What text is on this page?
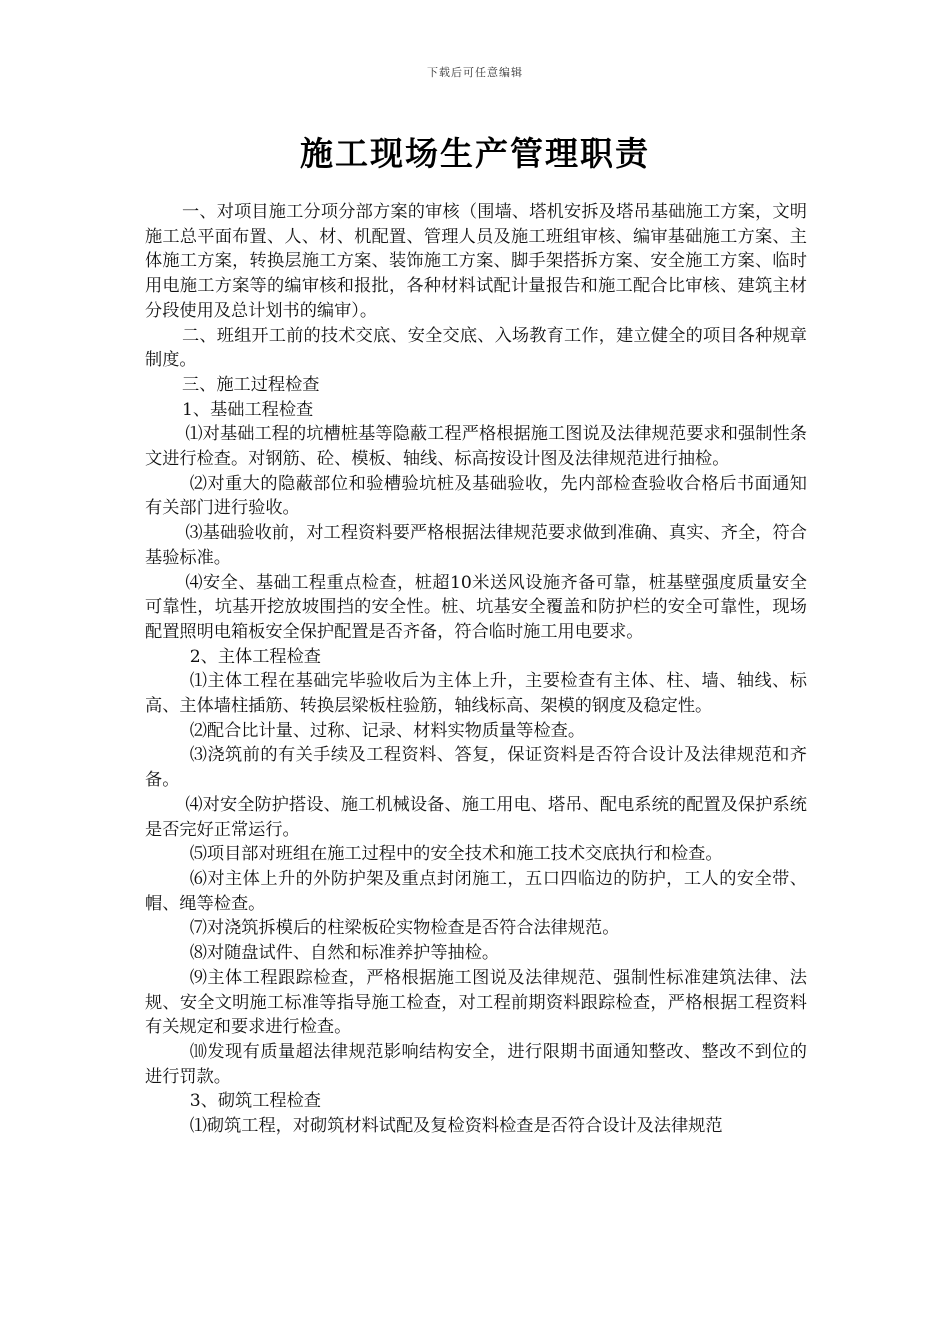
下载后可任意编辑
施工现场生产管理职责

一、对项目施工分项分部方案的审核（围墙、塔机安拆及塔吊基础施工方案，文明施工总平面布置、人、材、机配置、管理人员及施工班组审核、编审基础施工方案、主体施工方案，转换层施工方案、装饰施工方案、脚手架搭拆方案、安全施工方案、临时用电施工方案等的编审核和报批，各种材料试配计量报告和施工配合比审核、建筑主材分段使用及总计划书的编审）。

二、班组开工前的技术交底、安全交底、入场教育工作，建立健全的项目各种规章制度。

三、施工过程检查

1、基础工程检查

⑴对基础工程的坑槽桩基等隐蔽工程严格根据施工图说及法律规范要求和强制性条文进行检查。对钢筋、砼、模板、轴线、标高按设计图及法律规范进行抽检。

⑵对重大的隐蔽部位和验槽验坑桩及基础验收，先内部检查验收合格后书面通知有关部门进行验收。

⑶基础验收前，对工程资料要严格根据法律规范要求做到准确、真实、齐全，符合基验标准。

⑷安全、基础工程重点检查，桩超10米送风设施齐备可靠，桩基壁强度质量安全可靠性，坑基开挖放坡围挡的安全性。桩、坑基安全覆盖和防护栏的安全可靠性，现场配置照明电箱板安全保护配置是否齐备，符合临时施工用电要求。

2、主体工程检查

⑴主体工程在基础完毕验收后为主体上升，主要检查有主体、柱、墙、轴线、标高、主体墙柱插筋、转换层梁板柱验筋，轴线标高、架模的钢度及稳定性。

⑵配合比计量、过称、记录、材料实物质量等检查。

⑶浇筑前的有关手续及工程资料、答复，保证资料是否符合设计及法律规范和齐备。

⑷对安全防护搭设、施工机械设备、施工用电、塔吊、配电系统的配置及保护系统是否完好正常运行。

⑸项目部对班组在施工过程中的安全技术和施工技术交底执行和检查。

⑹对主体上升的外防护架及重点封闭施工，五口四临边的防护，工人的安全带、帽、绳等检查。

⑺对浇筑拆模后的柱梁板砼实物检查是否符合法律规范。

⑻对随盘试件、自然和标准养护等抽检。

⑼主体工程跟踪检查，严格根据施工图说及法律规范、强制性标准建筑法律、法规、安全文明施工标准等指导施工检查，对工程前期资料跟踪检查，严格根据工程资料有关规定和要求进行检查。

⑽发现有质量超法律规范影响结构安全，进行限期书面通知整改、整改不到位的进行罚款。

3、砌筑工程检查

⑴砌筑工程，对砌筑材料试配及复检资料检查是否符合设计及法律规范
